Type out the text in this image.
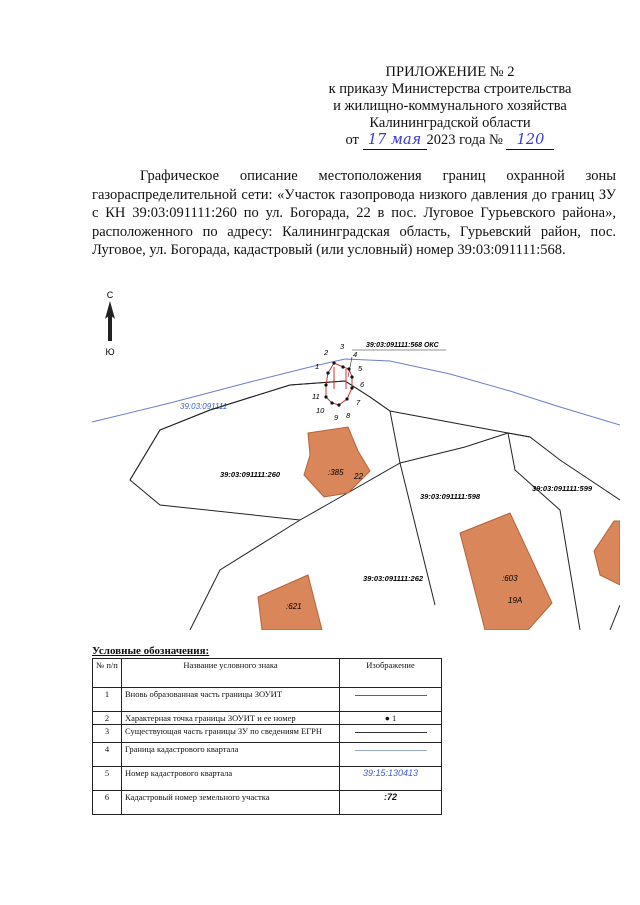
ПРИЛОЖЕНИЕ № 2
к приказу Министерства строительства
и жилищно-коммунального хозяйства
Калининградской области
от 17 мая 2023 года № 120
Графическое описание местоположения границ охранной зоны газораспределительной сети: «Участок газопровода низкого давления до границ ЗУ с КН 39:03:091111:260 по ул. Богорада, 22 в пос. Луговое Гурьевского района», расположенного по адресу: Калининградская область, Гурьевский район, пос. Луговое, ул. Богорада, кадастровый (или условный) номер 39:03:091111:568.
С
Ю
39:03:091111
:385 22
:603
19A
:621
39:03:091111:260
39:03:091111:598
39:03:091111:599
39:03:091111:262
39:03:091111:568 ОКС
1
2
3
4
5
6
7
8
9
10
11
Условные обозначения:
№ п/п	Название условного знака	Изображение
1	Вновь образованная часть границы ЗОУИТ	
2	Характерная точка границы ЗОУИТ и ее номер	● 1
3	Существующая часть границы ЗУ по сведениям ЕГРН	
4	Граница кадастрового квартала	
5	Номер кадастрового квартала	39:15:130413
6	Кадастровый номер земельного участка	:72
